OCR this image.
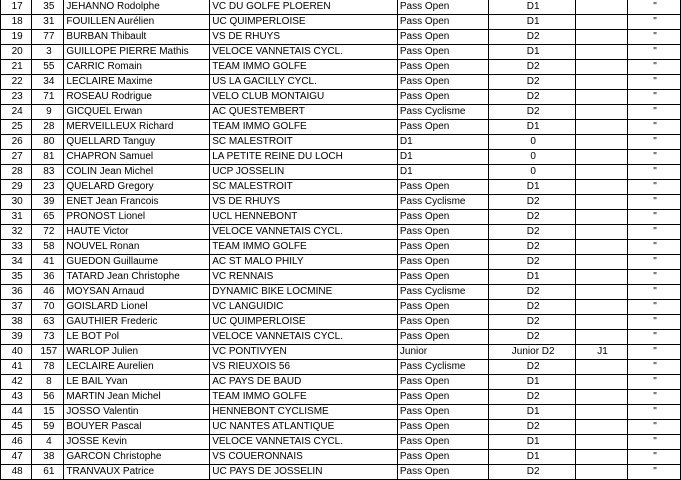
17	35	JEHANNO Rodolphe	VC DU GOLFE PLOEREN	Pass Open	D1		"
18	31	FOUILLEN Aurélien	UC QUIMPERLOISE	Pass Open	D1		"
19	77	BURBAN Thibault	VS DE RHUYS	Pass Open	D2		"
20	3	GUILLOPE PIERRE Mathis	VELOCE VANNETAIS CYCL.	Pass Open	D1		"
21	55	CARRIC Romain	TEAM IMMO GOLFE	Pass Open	D2		"
22	34	LECLAIRE Maxime	US LA GACILLY CYCL.	Pass Open	D2		"
23	71	ROSEAU Rodrigue	VELO CLUB MONTAIGU	Pass Open	D2		"
24	9	GICQUEL Erwan	AC QUESTEMBERT	Pass Cyclisme	D2		"
25	28	MERVEILLEUX Richard	TEAM IMMO GOLFE	Pass Open	D1		"
26	80	QUELLARD Tanguy	SC MALESTROIT	D1	0		"
27	81	CHAPRON Samuel	LA PETITE REINE DU LOCH	D1	0		"
28	83	COLIN Jean Michel	UCP JOSSELIN	D1	0		"
29	23	QUELARD Gregory	SC MALESTROIT	Pass Open	D1		"
30	39	ENET Jean Francois	VS DE RHUYS	Pass Cyclisme	D2		"
31	65	PRONOST Lionel	UCL HENNEBONT	Pass Open	D2		"
32	72	HAUTE Victor	VELOCE VANNETAIS CYCL.	Pass Open	D2		"
33	58	NOUVEL Ronan	TEAM IMMO GOLFE	Pass Open	D2		"
34	41	GUEDON Guillaume	AC ST MALO PHILY	Pass Open	D2		"
35	36	TATARD Jean Christophe	VC RENNAIS	Pass Open	D1		"
36	46	MOYSAN Arnaud	DYNAMIC BIKE LOCMINE	Pass Cyclisme	D2		"
37	70	GOISLARD Lionel	VC LANGUIDIC	Pass Open	D2		"
38	63	GAUTHIER Frederic	UC QUIMPERLOISE	Pass Open	D2		"
39	73	LE BOT Pol	VELOCE VANNETAIS CYCL.	Pass Open	D2		"
40	157	WARLOP Julien	VC PONTIVYEN	Junior	Junior D2	J1	"
41	78	LECLAIRE Aurelien	VS RIEUXOIS 56	Pass Cyclisme	D2		"
42	8	LE BAIL Yvan	AC PAYS DE BAUD	Pass Open	D1		"
43	56	MARTIN Jean Michel	TEAM IMMO GOLFE	Pass Open	D2		"
44	15	JOSSO Valentin	HENNEBONT CYCLISME	Pass Open	D1		"
45	59	BOUYER Pascal	UC NANTES ATLANTIQUE	Pass Open	D2		"
46	4	JOSSE Kevin	VELOCE VANNETAIS CYCL.	Pass Open	D1		"
47	38	GARCON Christophe	VS COUERONNAIS	Pass Open	D1		"
48	61	TRANVAUX Patrice	UC PAYS DE JOSSELIN	Pass Open	D2		"
